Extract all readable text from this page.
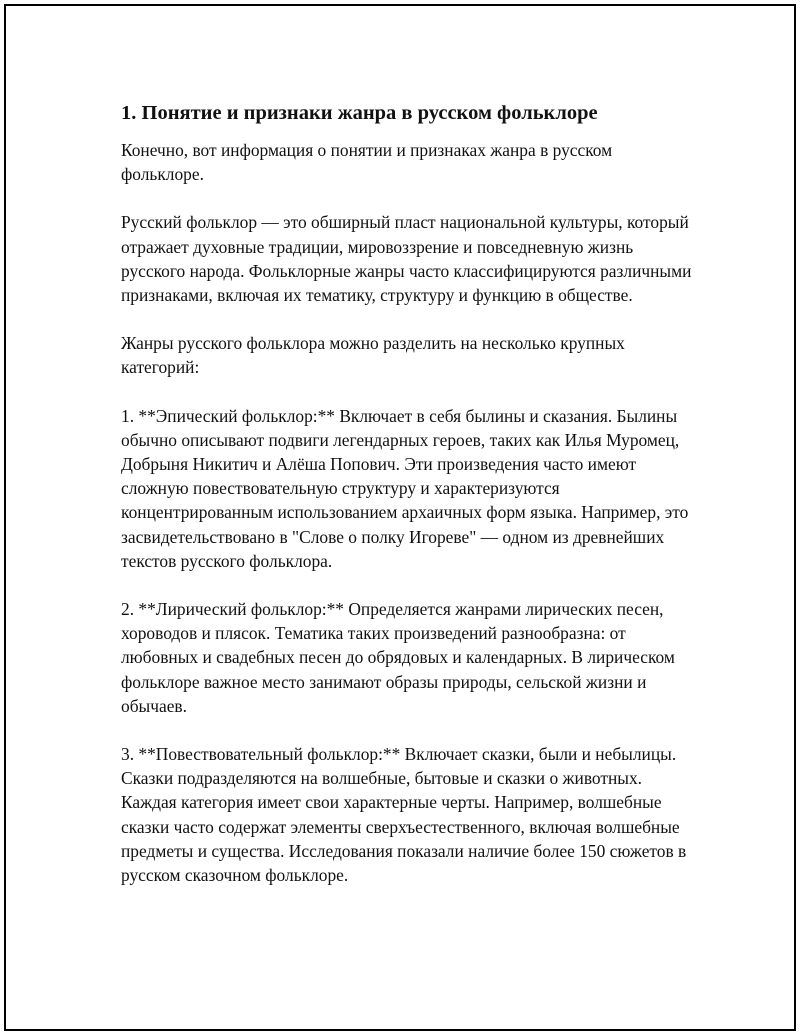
1. Понятие и признаки жанра в русском фольклоре

Конечно, вот информация о понятии и признаках жанра в русском фольклоре.

Русский фольклор — это обширный пласт национальной культуры, который отражает духовные традиции, мировоззрение и повседневную жизнь русского народа. Фольклорные жанры часто классифицируются различными признаками, включая их тематику, структуру и функцию в обществе.

Жанры русского фольклора можно разделить на несколько крупных категорий:

1. **Эпический фольклор:** Включает в себя былины и сказания. Былины обычно описывают подвиги легендарных героев, таких как Илья Муромец, Добрыня Никитич и Алёша Попович. Эти произведения часто имеют сложную повествовательную структуру и характеризуются концентрированным использованием архаичных форм языка. Например, это засвидетельствовано в "Слове о полку Игореве" — одном из древнейших текстов русского фольклора.

2. **Лирический фольклор:** Определяется жанрами лирических песен, хороводов и плясок. Тематика таких произведений разнообразна: от любовных и свадебных песен до обрядовых и календарных. В лирическом фольклоре важное место занимают образы природы, сельской жизни и обычаев.

3. **Повествовательный фольклор:** Включает сказки, были и небылицы. Сказки подразделяются на волшебные, бытовые и сказки о животных. Каждая категория имеет свои характерные черты. Например, волшебные сказки часто содержат элементы сверхъестественного, включая волшебные предметы и существа. Исследования показали наличие более 150 сюжетов в русском сказочном фольклоре.
